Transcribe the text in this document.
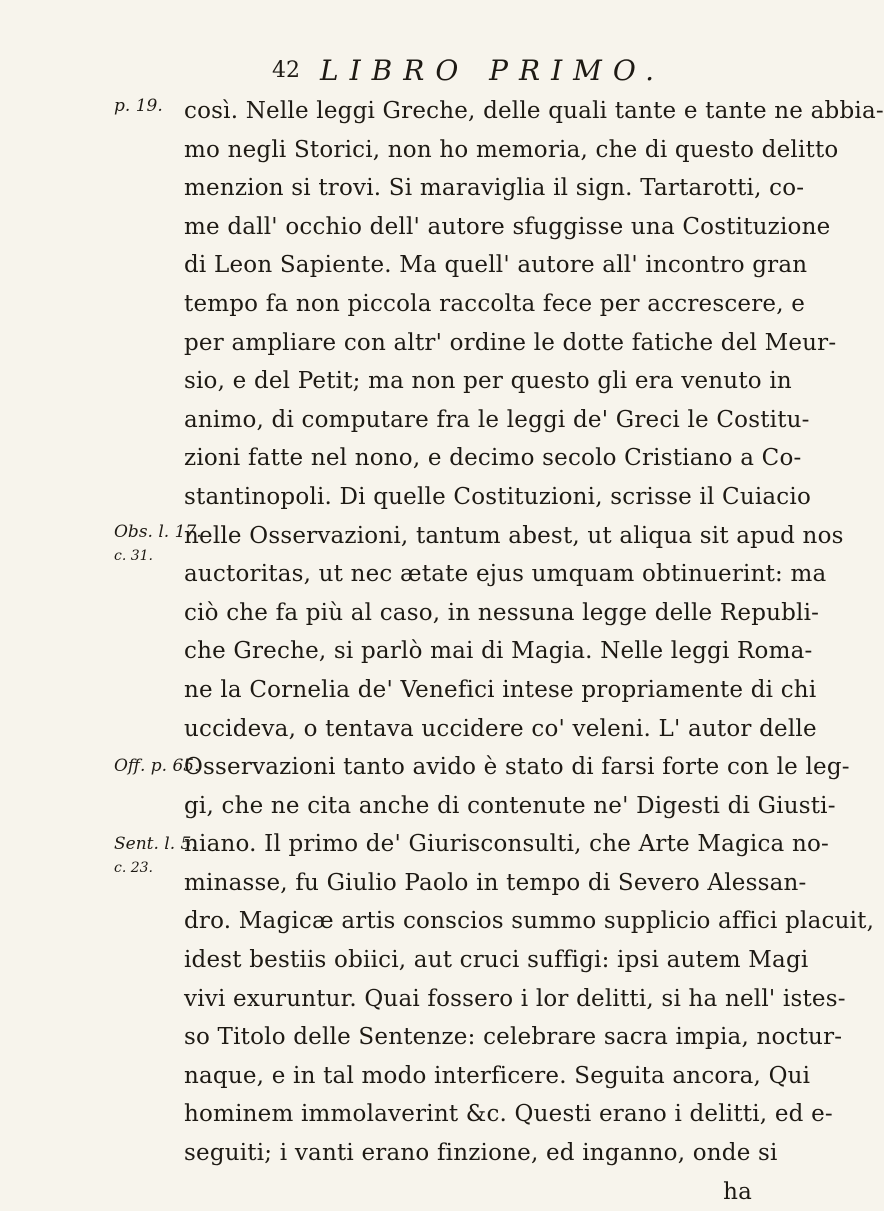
42 LIBRO PRIMO.
p. 19.
Obs. l. 17.
c. 31.
Off. p. 65.
Sent. l. 5.
c. 23.
così. Nelle leggi Greche, delle quali tante e tante ne abbia-
mo negli Storici, non ho memoria, che di questo delitto
menzion si trovi. Si maraviglia il sign. Tartarotti, co-
me dall' occhio dell' autore sfuggisse una Costituzione
di Leon Sapiente. Ma quell' autore all' incontro gran
tempo fa non piccola raccolta fece per accrescere, e
per ampliare con altr' ordine le dotte fatiche del Meur-
sio, e del Petit; ma non per questo gli era venuto in
animo, di computare fra le leggi de' Greci le Costitu-
zioni fatte nel nono, e decimo secolo Cristiano a Co-
stantinopoli. Di quelle Costituzioni, scrisse il Cuiacio
nelle Osservazioni, tantum abest, ut aliqua sit apud nos
auctoritas, ut nec ætate ejus umquam obtinuerint: ma
ciò che fa più al caso, in nessuna legge delle Republi-
che Greche, si parlò mai di Magia. Nelle leggi Roma-
ne la Cornelia de' Venefici intese propriamente di chi
uccideva, o tentava uccidere co' veleni. L' autor delle
Osservazioni tanto avido è stato di farsi forte con le leg-
gi, che ne cita anche di contenute ne' Digesti di Giusti-
niano. Il primo de' Giurisconsulti, che Arte Magica no-
minasse, fu Giulio Paolo in tempo di Severo Alessan-
dro. Magicæ artis conscios summo supplicio affici placuit,
idest bestiis obiici, aut cruci suffigi: ipsi autem Magi
vivi exuruntur. Quai fossero i lor delitti, si ha nell' istes-
so Titolo delle Sentenze: celebrare sacra impia, noctur-
naque, e in tal modo interficere. Seguita ancora, Qui
hominem immolaverint &c. Questi erano i delitti, ed e-
seguiti; i vanti erano finzione, ed inganno, onde si
ha
